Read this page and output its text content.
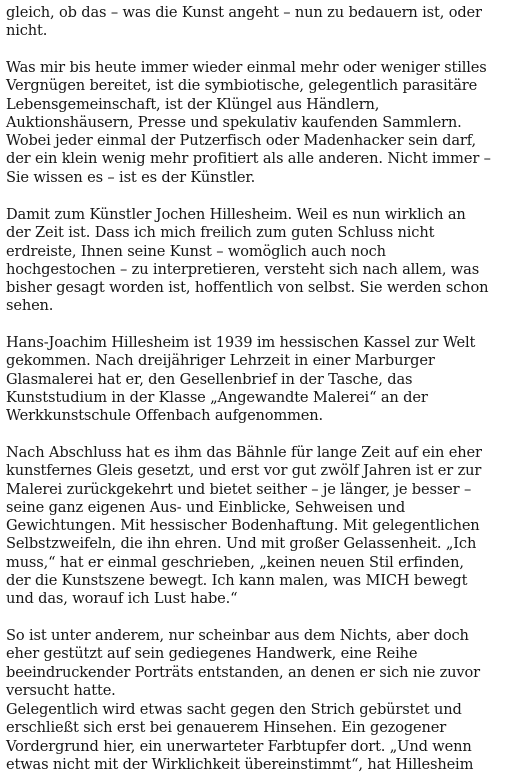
gleich, ob das – was die Kunst angeht – nun zu bedauern ist, oder
nicht.

Was mir bis heute immer wieder einmal mehr oder weniger stilles
Vergnügen bereitet, ist die symbiotische, gelegentlich parasitäre
Lebensgemeinschaft, ist der Klüngel aus Händlern,
Auktionshäusern, Presse und spekulativ kaufenden Sammlern.
Wobei jeder einmal der Putzerfisch oder Madenhacker sein darf,
der ein klein wenig mehr profitiert als alle anderen. Nicht immer –
Sie wissen es – ist es der Künstler.

Damit zum Künstler Jochen Hillesheim. Weil es nun wirklich an
der Zeit ist. Dass ich mich freilich zum guten Schluss nicht
erdreiste, Ihnen seine Kunst – womöglich auch noch
hochgestochen – zu interpretieren, versteht sich nach allem, was
bisher gesagt worden ist, hoffentlich von selbst. Sie werden schon
sehen.

Hans-Joachim Hillesheim ist 1939 im hessischen Kassel zur Welt
gekommen. Nach dreijähriger Lehrzeit in einer Marburger
Glasmalerei hat er, den Gesellenbrief in der Tasche, das
Kunststudium in der Klasse „Angewandte Malerei“ an der
Werkkunstschule Offenbach aufgenommen.

Nach Abschluss hat es ihm das Bähnle für lange Zeit auf ein eher
kunstfernes Gleis gesetzt, und erst vor gut zwölf Jahren ist er zur
Malerei zurückgekehrt und bietet seither – je länger, je besser –
seine ganz eigenen Aus- und Einblicke, Sehweisen und
Gewichtungen. Mit hessischer Bodenhaftung. Mit gelegentlichen
Selbstzweifeln, die ihn ehren. Und mit großer Gelassenheit. „Ich
muss,“ hat er einmal geschrieben, „keinen neuen Stil erfinden,
der die Kunstszene bewegt. Ich kann malen, was MICH bewegt
und das, worauf ich Lust habe.“

So ist unter anderem, nur scheinbar aus dem Nichts, aber doch
eher gestützt auf sein gediegenes Handwerk, eine Reihe
beeindruckender Porträts entstanden, an denen er sich nie zuvor
versucht hatte.

Gelegentlich wird etwas sacht gegen den Strich gebürstet und
erschließt sich erst bei genauerem Hinsehen. Ein gezogener
Vordergrund hier, ein unerwarteter Farbtupfer dort. „Und wenn
etwas nicht mit der Wirklichkeit übereinstimmt“, hat Hillesheim
